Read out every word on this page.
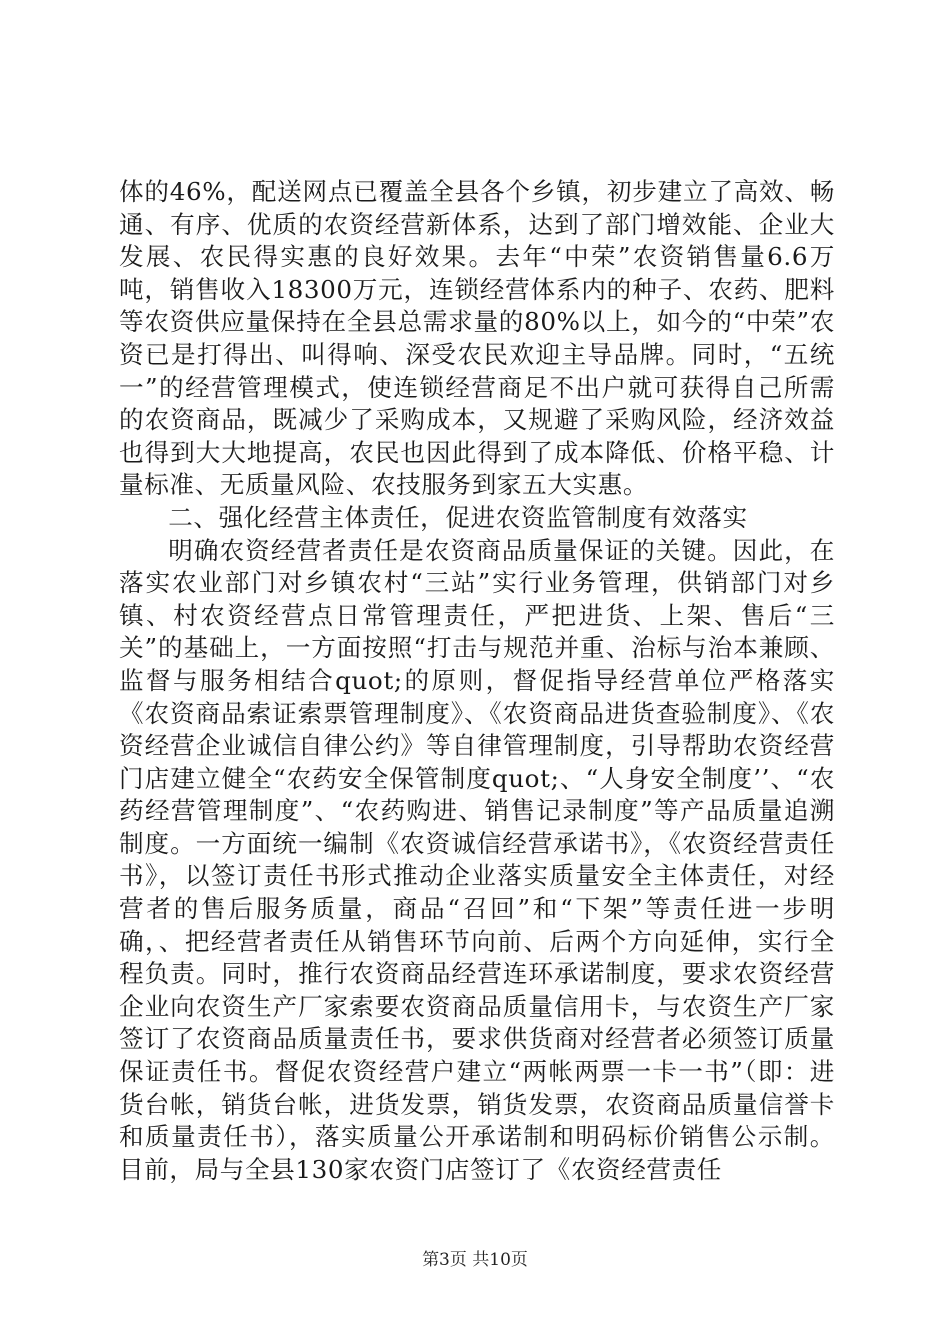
体的46%，配送网点已覆盖全县各个乡镇，初步建立了高效、畅通、有序、优质的农资经营新体系，达到了部门增效能、企业大发展、农民得实惠的良好效果。去年“中荣”农资销售量6.6万吨，销售收入18300万元，连锁经营体系内的种子、农药、肥料等农资供应量保持在全县总需求量的80%以上，如今的“中荣”农资已是打得出、叫得响、深受农民欢迎主导品牌。同时，“五统一”的经营管理模式，使连锁经营商足不出户就可获得自己所需的农资商品，既减少了采购成本，又规避了采购风险，经济效益也得到大大地提高，农民也因此得到了成本降低、价格平稳、计量标准、无质量风险、农技服务到家五大实惠。

二、强化经营主体责任，促进农资监管制度有效落实

明确农资经营者责任是农资商品质量保证的关键。因此，在落实农业部门对乡镇农村“三站”实行业务管理，供销部门对乡镇、村农资经营点日常管理责任，严把进货、上架、售后“三关”的基础上，一方面按照“打击与规范并重、治标与治本兼顾、监督与服务相结合quot;的原则，督促指导经营单位严格落实《农资商品索证索票管理制度》、《农资商品进货查验制度》、《农资经营企业诚信自律公约》等自律管理制度，引导帮助农资经营门店建立健全“农药安全保管制度quot;、“人身安全制度’’、“农药经营管理制度”、“农药购进、销售记录制度”等产品质量追溯制度。一方面统一编制《农资诚信经营承诺书》，《农资经营责任书》，以签订责任书形式推动企业落实质量安全主体责任，对经营者的售后服务质量，商品“召回”和“下架”等责任进一步明确，、把经营者责任从销售环节向前、后两个方向延伸，实行全程负责。同时，推行农资商品经营连环承诺制度，要求农资经营企业向农资生产厂家索要农资商品质量信用卡，与农资生产厂家签订了农资商品质量责任书，要求供货商对经营者必须签订质量保证责任书。督促农资经营户建立“两帐两票一卡一书”（即：进货台帐，销货台帐，进货发票，销货发票，农资商品质量信誉卡和质量责任书），落实质量公开承诺制和明码标价销售公示制。目前，局与全县130家农资门店签订了《农资经营责任

第3页 共10页
